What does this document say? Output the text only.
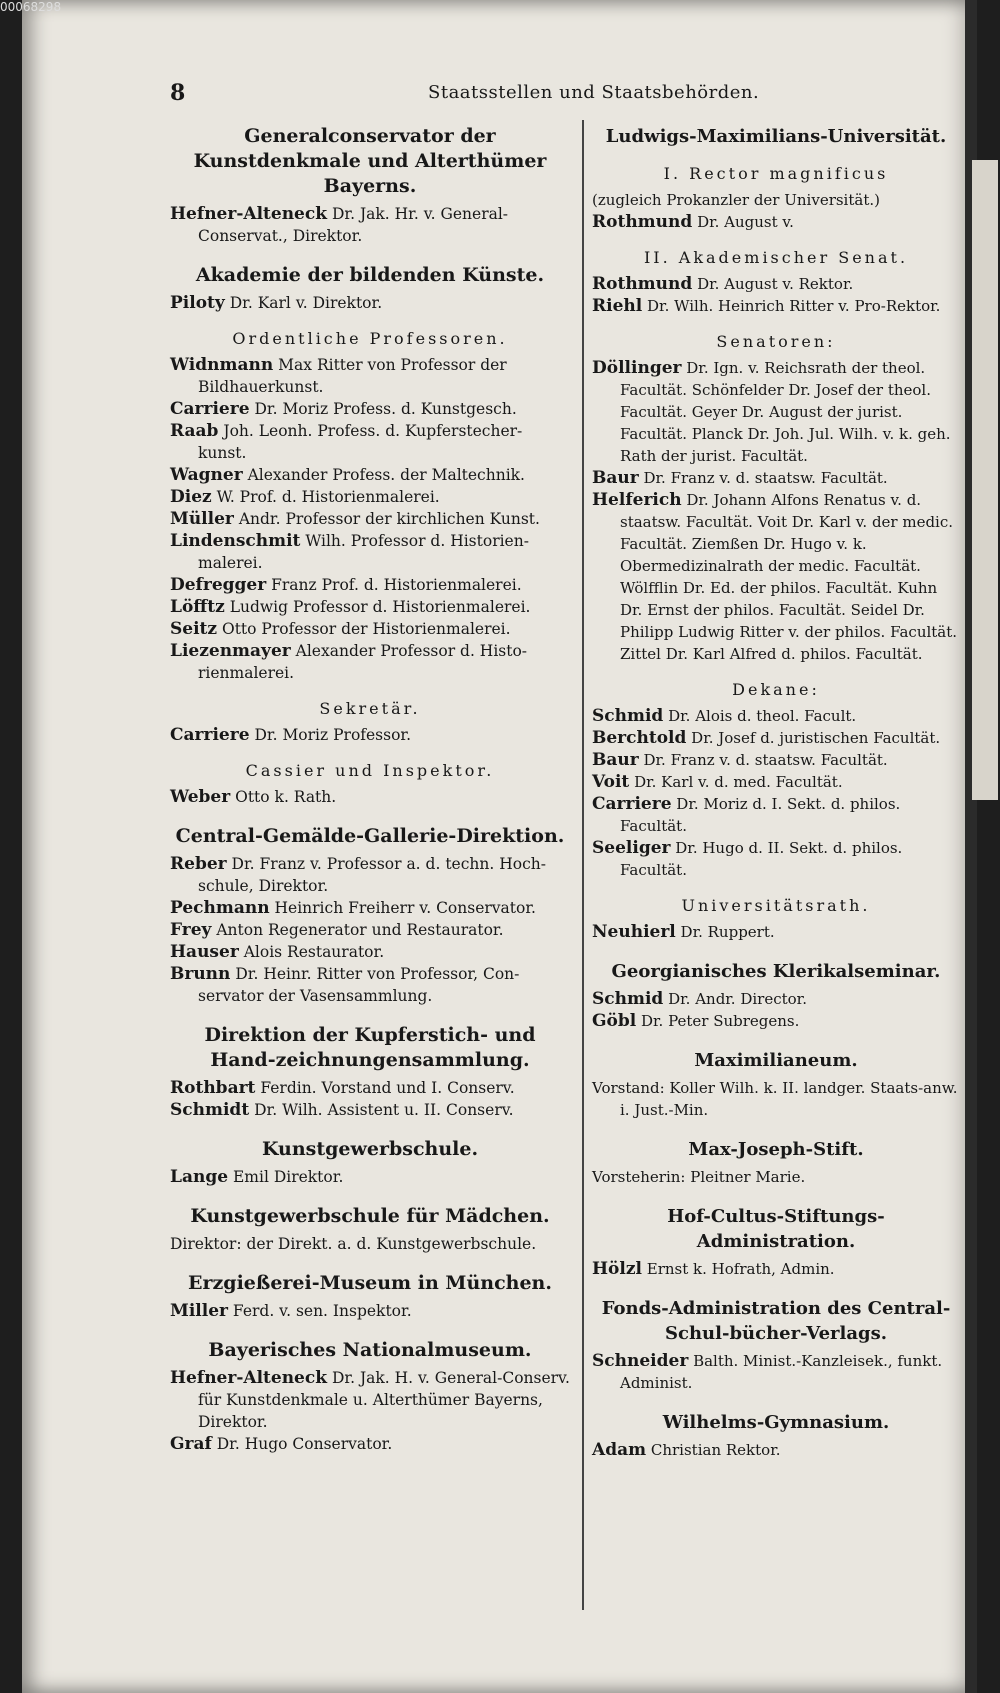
00068298
8	Staatsstellen und Staatsbehörden.
Generalconservator der Kunstdenkmale und Alterthümer Bayerns.
Hefner-Alteneck Dr. Jak. Hr. v. General-Conservat., Direktor.
Akademie der bildenden Künste.
Piloty Dr. Karl v. Direktor.
Ordentliche Professoren.
Widnmann Max Ritter von Professor der Bildhauerkunst.
Carriere Dr. Moriz Profess. d. Kunstgesch.
Raab Joh. Leonh. Profess. d. Kupferstecher-kunst.
Wagner Alexander Profess. der Maltechnik.
Diez W. Prof. d. Historienmalerei.
Müller Andr. Professor der kirchlichen Kunst.
Lindenschmit Wilh. Professor d. Historien-malerei.
Defregger Franz Prof. d. Historienmalerei.
Löfftz Ludwig Professor d. Historienmalerei.
Seitz Otto Professor der Historienmalerei.
Liezenmayer Alexander Professor d. Histo-rienmalerei.
Sekretär.
Carriere Dr. Moriz Professor.
Cassier und Inspektor.
Weber Otto k. Rath.
Central-Gemälde-Gallerie-Direktion.
Reber Dr. Franz v. Professor a. d. techn. Hoch-schule, Direktor.
Pechmann Heinrich Freiherr v. Conservator.
Frey Anton Regenerator und Restaurator.
Hauser Alois Restaurator.
Brunn Dr. Heinr. Ritter von Professor, Con-servator der Vasensammlung.
Direktion der Kupferstich- und Hand-zeichnungensammlung.
Rothbart Ferdin. Vorstand und I. Conserv.
Schmidt Dr. Wilh. Assistent u. II. Conserv.
Kunstgewerbschule.
Lange Emil Direktor.
Kunstgewerbschule für Mädchen.
Direktor: der Direkt. a. d. Kunstgewerbschule.
Erzgießerei-Museum in München.
Miller Ferd. v. sen. Inspektor.
Bayerisches Nationalmuseum.
Hefner-Alteneck Dr. Jak. H. v. General-Conserv. für Kunstdenkmale u. Alterthümer Bayerns, Direktor.
Graf Dr. Hugo Conservator.
Ludwigs-Maximilians-Universität.
I. Rector magnificus
(zugleich Prokanzler der Universität.)
Rothmund Dr. August v.
II. Akademischer Senat.
Rothmund Dr. August v. Rektor.
Riehl Dr. Wilh. Heinrich Ritter v. Pro-Rektor.
Senatoren:
Döllinger Dr. Ign. v. Reichsrath der theol. Facultät. Schönfelder Dr. Josef der theol. Facultät. Geyer Dr. August der jurist. Facultät. Planck Dr. Joh. Jul. Wilh. v. k. geh. Rath der jurist. Facultät.
Baur Dr. Franz v. d. staatsw. Facultät.
Helferich Dr. Johann Alfons Renatus v. d. staatsw. Facultät. Voit Dr. Karl v. der medic. Facultät. Ziemßen Dr. Hugo v. k. Obermedizinalrath der medic. Facultät. Wölfflin Dr. Ed. der philos. Facultät. Kuhn Dr. Ernst der philos. Facultät. Seidel Dr. Philipp Ludwig Ritter v. der philos. Facultät. Zittel Dr. Karl Alfred d. philos. Facultät.
Dekane:
Schmid Dr. Alois d. theol. Facult.
Berchtold Dr. Josef d. juristischen Facultät.
Baur Dr. Franz v. d. staatsw. Facultät.
Voit Dr. Karl v. d. med. Facultät.
Carriere Dr. Moriz d. I. Sekt. d. philos. Facultät.
Seeliger Dr. Hugo d. II. Sekt. d. philos. Facultät.
Universitätsrath.
Neuhierl Dr. Ruppert.
Georgianisches Klerikalseminar.
Schmid Dr. Andr. Director.
Göbl Dr. Peter Subregens.
Maximilianeum.
Vorstand: Koller Wilh. k. II. landger. Staats-anw. i. Just.-Min.
Max-Joseph-Stift.
Vorsteherin: Pleitner Marie.
Hof-Cultus-Stiftungs-Administration.
Hölzl Ernst k. Hofrath, Admin.
Fonds-Administration des Central-Schul-bücher-Verlags.
Schneider Balth. Minist.-Kanzleisek., funkt. Administ.
Wilhelms-Gymnasium.
Adam Christian Rektor.
